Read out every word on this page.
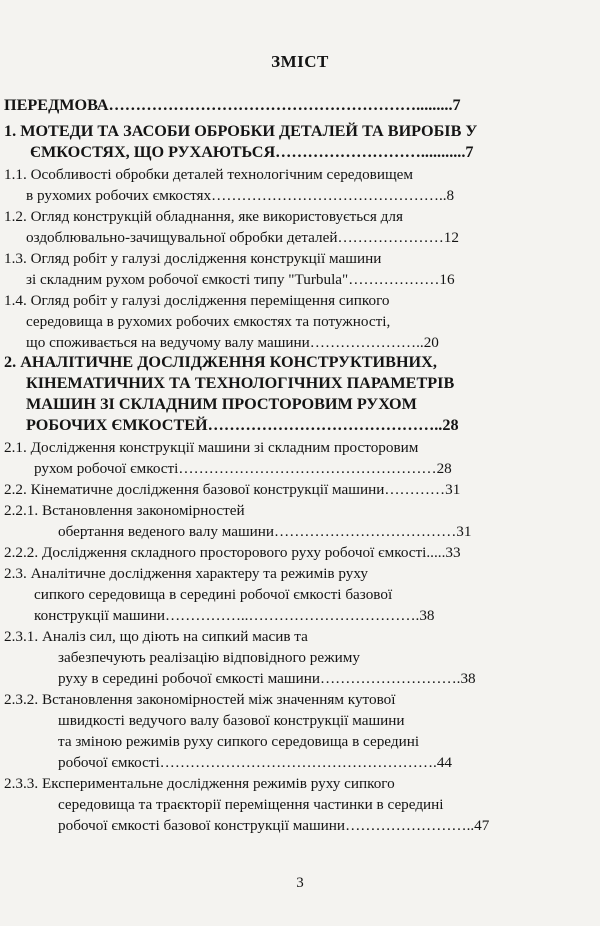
ЗМІСТ
ПЕРЕДМОВА………………………………………………….........7
1. МОТЕДИ ТА ЗАСОБИ ОБРОБКИ ДЕТАЛЕЙ ТА ВИРОБІВ У
ЄМКОСТЯХ, ЩО РУХАЮТЬСЯ………………………...........7
1.1. Особливості обробки деталей технологічним середовищем
в рухомих робочих ємкостях………………………………………..8
1.2. Огляд конструкцій обладнання, яке використовується для
оздоблювально-зачищувальної обробки деталей…………………12
1.3. Огляд робіт у галузі дослідження конструкції машини
зі складним рухом робочої ємкості типу "Turbula"………………16
1.4. Огляд робіт у галузі дослідження переміщення сипкого
середовища в рухомих робочих ємкостях та потужності,
що споживається на ведучому валу машини…………………..20
2. АНАЛІТИЧНЕ ДОСЛІДЖЕННЯ КОНСТРУКТИВНИХ,
КІНЕМАТИЧНИХ ТА ТЕХНОЛОГІЧНИХ ПАРАМЕТРІВ
МАШИН ЗІ СКЛАДНИМ ПРОСТОРОВИМ РУХОМ
РОБОЧИХ ЄМКОСТЕЙ……………………………………..28
2.1. Дослідження конструкції машини зі складним просторовим
рухом робочої ємкості……………………………………………28
2.2. Кінематичне дослідження базової конструкції машини…………31
2.2.1. Встановлення закономірностей
обертання веденого валу машини………………………………31
2.2.2. Дослідження складного просторового руху робочої ємкості.....33
2.3. Аналітичне дослідження характеру та режимів руху
сипкого середовища в середині робочої ємкості базової
конструкції машини……………..…………………………….38
2.3.1. Аналіз сил, що діють на сипкий масив та
забезпечують реалізацію відповідного режиму
руху в середині робочої ємкості машини……………………….38
2.3.2. Встановлення закономірностей між значенням кутової
швидкості ведучого валу базової конструкції машини
та зміною режимів руху сипкого середовища в середині
робочої ємкості……………………………………………….44
2.3.3. Експериментальне дослідження режимів руху сипкого
середовища та траєкторії переміщення частинки в середині
робочої ємкості базової конструкції машини……………………..47
3
